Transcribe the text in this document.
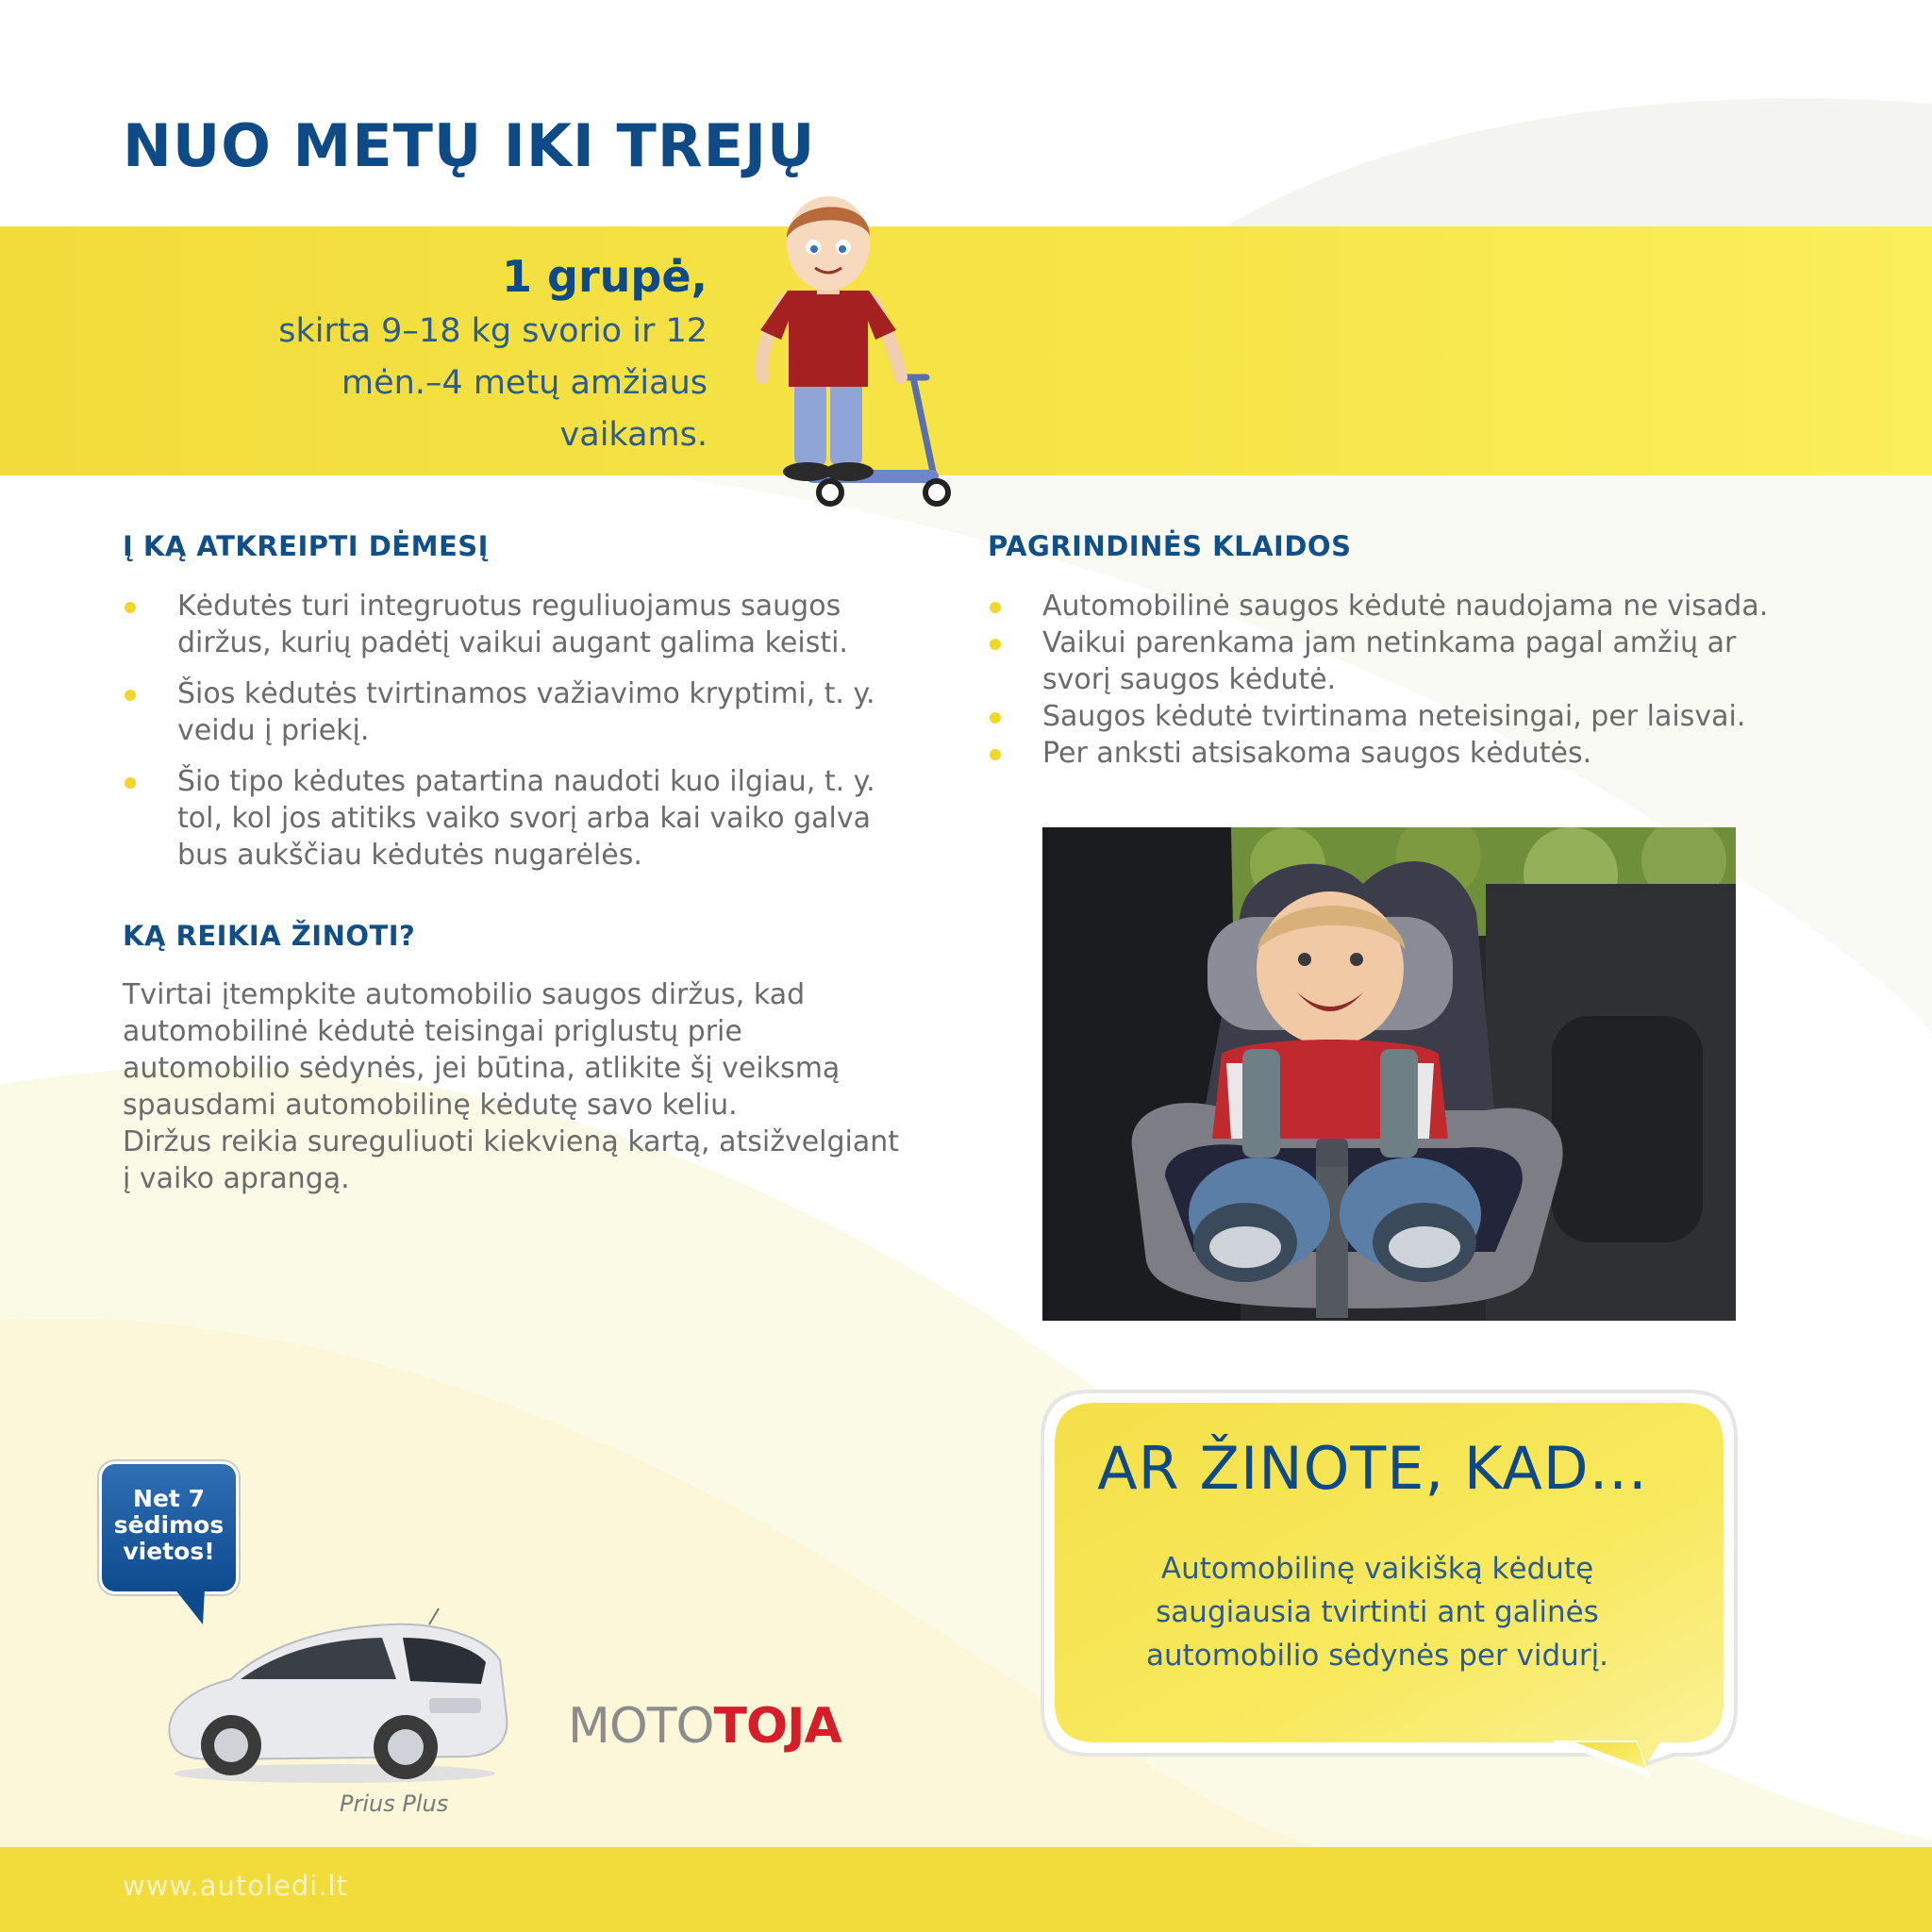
NUO METŲ IKI TREJŲ
1 grupė,
skirta 9–18 kg svorio ir 12
mėn.–4 metų amžiaus
vaikams.
Į KĄ ATKREIPTI DĖMESĮ
Kėdutės turi integruotus reguliuojamus saugos
diržus, kurių padėtį vaikui augant galima keisti.
Šios kėdutės tvirtinamos važiavimo kryptimi, t. y.
veidu į priekį.
Šio tipo kėdutes patartina naudoti kuo ilgiau, t. y.
tol, kol jos atitiks vaiko svorį arba kai vaiko galva
bus aukščiau kėdutės nugarėlės.
KĄ REIKIA ŽINOTI?

Tvirtai įtempkite automobilio saugos diržus, kad

automobilinė kėdutė teisingai priglustų prie

automobilio sėdynės, jei būtina, atlikite šį veiksmą

spausdami automobilinę kėdutę savo keliu.

Diržus reikia sureguliuoti kiekvieną kartą, atsižvelgiant

į vaiko aprangą.

PAGRINDINĖS KLAIDOS
Automobilinė saugos kėdutė naudojama ne visada.
Vaikui parenkama jam netinkama pagal amžių ar
svorį saugos kėdutė.
Saugos kėdutė tvirtinama neteisingai, per laisvai.
Per anksti atsisakoma saugos kėdutės.
AR ŽINOTE, KAD...
Automobilinę vaikišką kėdutę
saugiausia tvirtinti ant galinės
automobilio sėdynės per vidurį.
Net 7
sėdimos
vietos!
Prius Plus
MOTOTOJA
www.autoledi.lt
